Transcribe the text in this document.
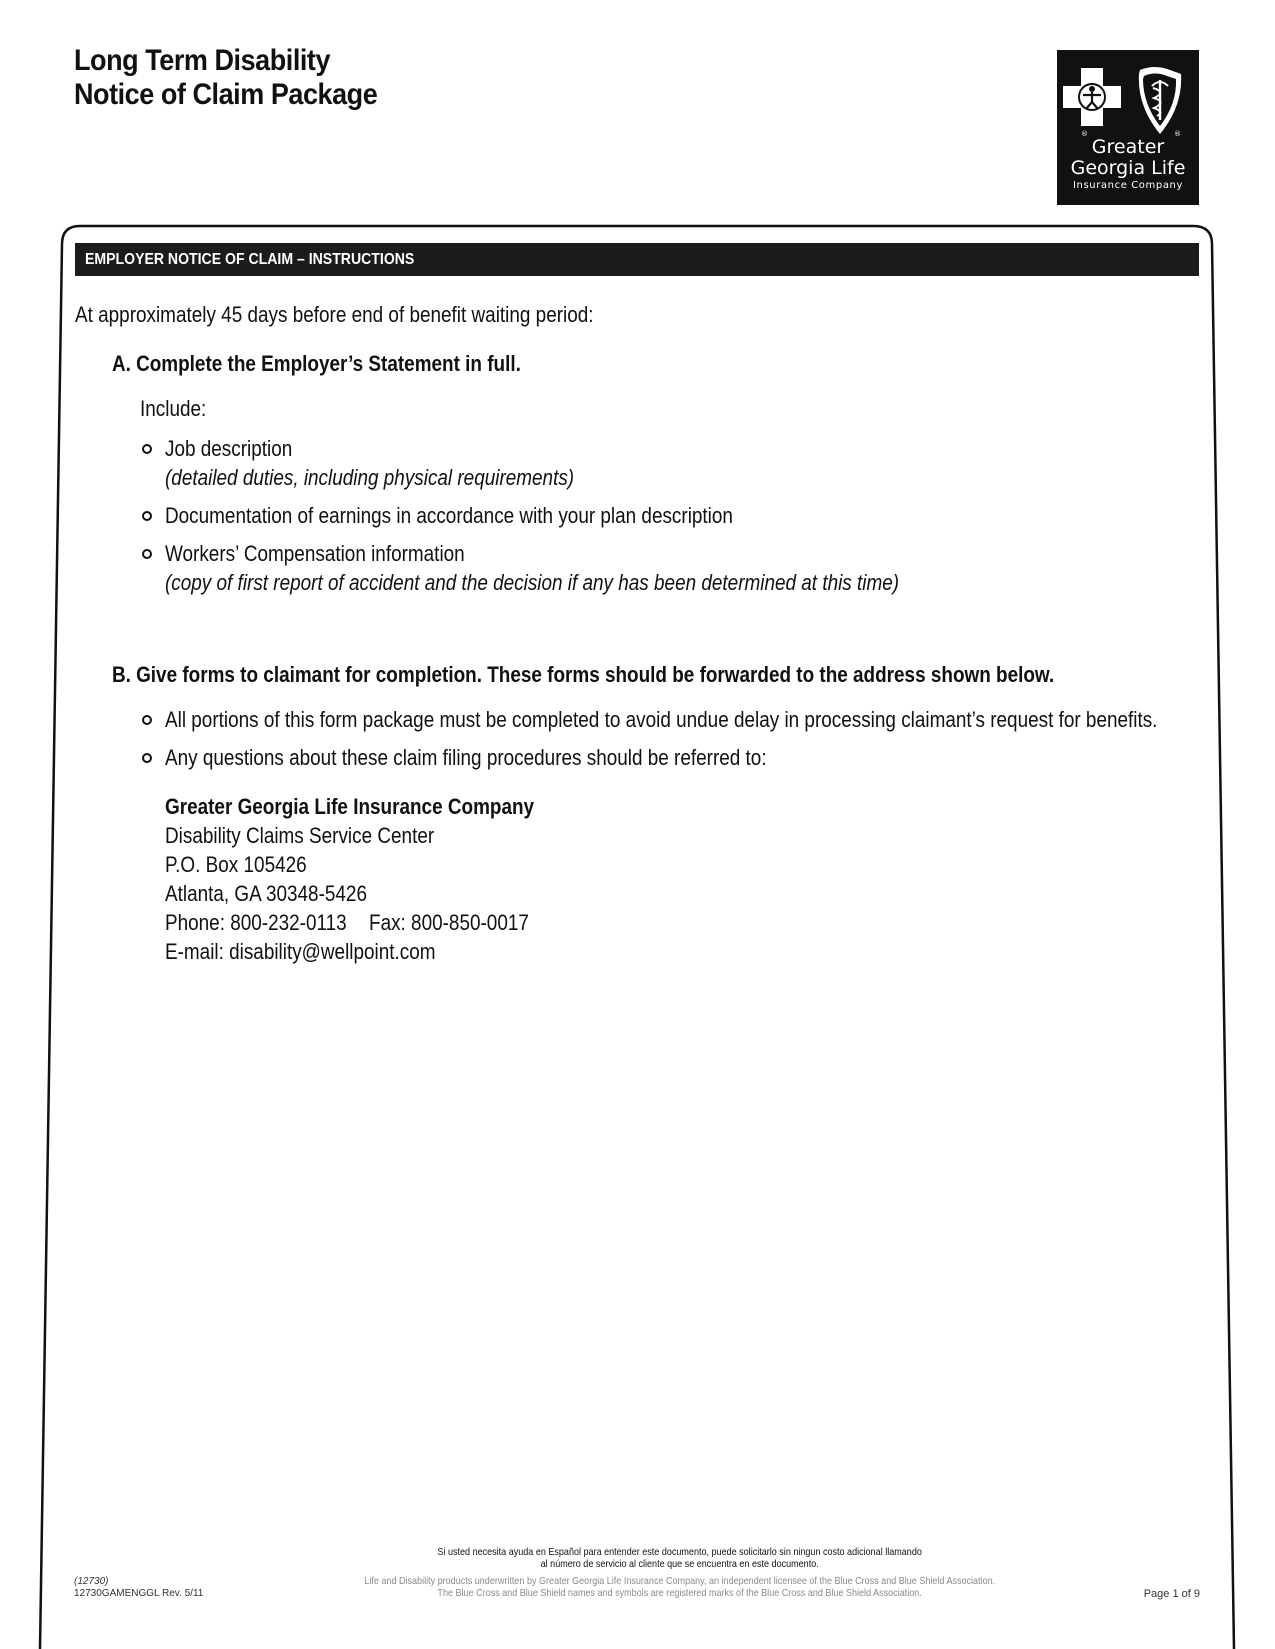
Long Term Disability
Notice of Claim Package
®	®
Greater
Georgia Life
Insurance Company
EMPLOYER NOTICE OF CLAIM – INSTRUCTIONS
At approximately 45 days before end of benefit waiting period:
A. Complete the Employer’s Statement in full.
Include:
Job description
(detailed duties, including physical requirements)
Documentation of earnings in accordance with your plan description
Workers’ Compensation information
(copy of first report of accident and the decision if any has been determined at this time)
B. Give forms to claimant for completion. These forms should be forwarded to the address shown below.
All portions of this form package must be completed to avoid undue delay in processing claimant’s request for benefits.
Any questions about these claim filing procedures should be referred to:
Greater Georgia Life Insurance Company
Disability Claims Service Center
P.O. Box 105426
Atlanta, GA 30348-5426
Phone: 800-232-0113 Fax: 800-850-0017
E-mail: disability@wellpoint.com
Si usted necesita ayuda en Español para entender este documento, puede solicitarlo sin ningun costo adicional llamando
al número de servicio al cliente que se encuentra en este documento.
Life and Disability products underwritten by Greater Georgia Life Insurance Company, an independent licensee of the Blue Cross and Blue Shield Association.
The Blue Cross and Blue Shield names and symbols are registered marks of the Blue Cross and Blue Shield Association.
(12730)
12730GAMENGGL Rev. 5/11	Page 1 of 9
